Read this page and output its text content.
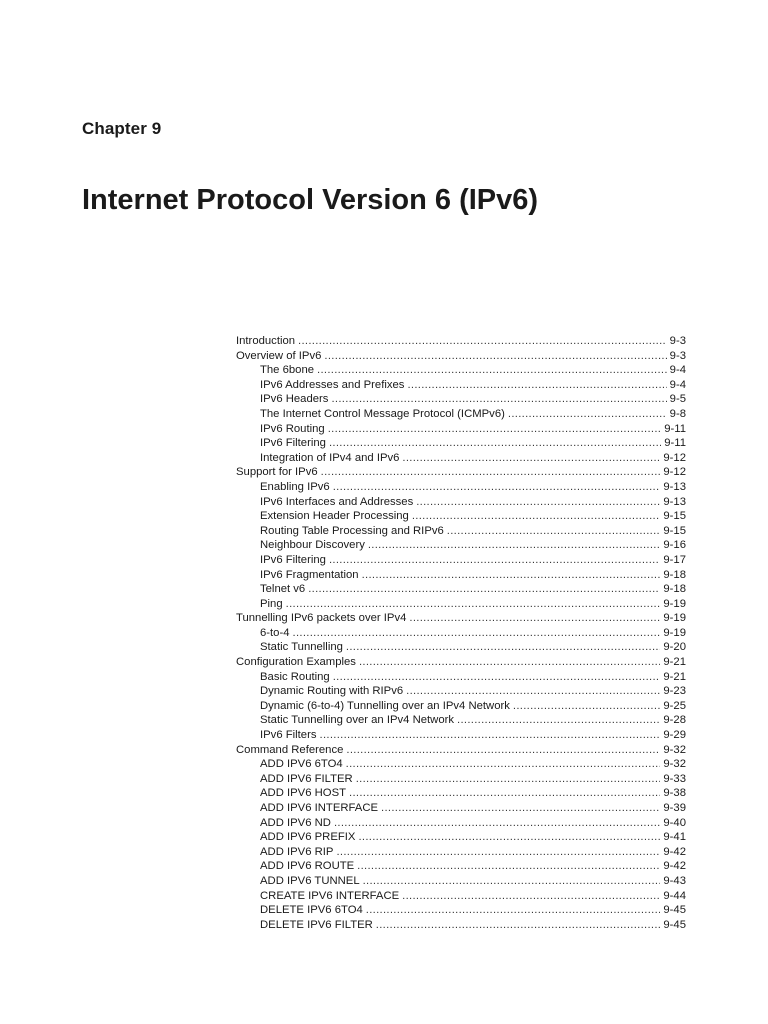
Chapter 9
Internet Protocol Version 6 (IPv6)
Introduction .....	9-3
Overview of IPv6 .....	9-3
The 6bone .....	9-4
IPv6 Addresses and Prefixes .....	9-4
IPv6 Headers .....	9-5
The Internet Control Message Protocol (ICMPv6) .....	9-8
IPv6 Routing .....	9-11
IPv6 Filtering .....	9-11
Integration of IPv4 and IPv6 .....	9-12
Support for IPv6 .....	9-12
Enabling IPv6 .....	9-13
IPv6 Interfaces and Addresses .....	9-13
Extension Header Processing .....	9-15
Routing Table Processing and RIPv6 .....	9-15
Neighbour Discovery .....	9-16
IPv6 Filtering .....	9-17
IPv6 Fragmentation .....	9-18
Telnet v6 .....	9-18
Ping .....	9-19
Tunnelling IPv6 packets over IPv4 .....	9-19
6-to-4 .....	9-19
Static Tunnelling .....	9-20
Configuration Examples .....	9-21
Basic Routing .....	9-21
Dynamic Routing with RIPv6 .....	9-23
Dynamic (6-to-4) Tunnelling over an IPv4 Network .....	9-25
Static Tunnelling over an IPv4 Network .....	9-28
IPv6 Filters .....	9-29
Command Reference .....	9-32
ADD IPV6 6TO4 .....	9-32
ADD IPV6 FILTER .....	9-33
ADD IPV6 HOST .....	9-38
ADD IPV6 INTERFACE .....	9-39
ADD IPV6 ND .....	9-40
ADD IPV6 PREFIX .....	9-41
ADD IPV6 RIP .....	9-42
ADD IPV6 ROUTE .....	9-42
ADD IPV6 TUNNEL .....	9-43
CREATE IPV6 INTERFACE .....	9-44
DELETE IPV6 6TO4 .....	9-45
DELETE IPV6 FILTER .....	9-45
